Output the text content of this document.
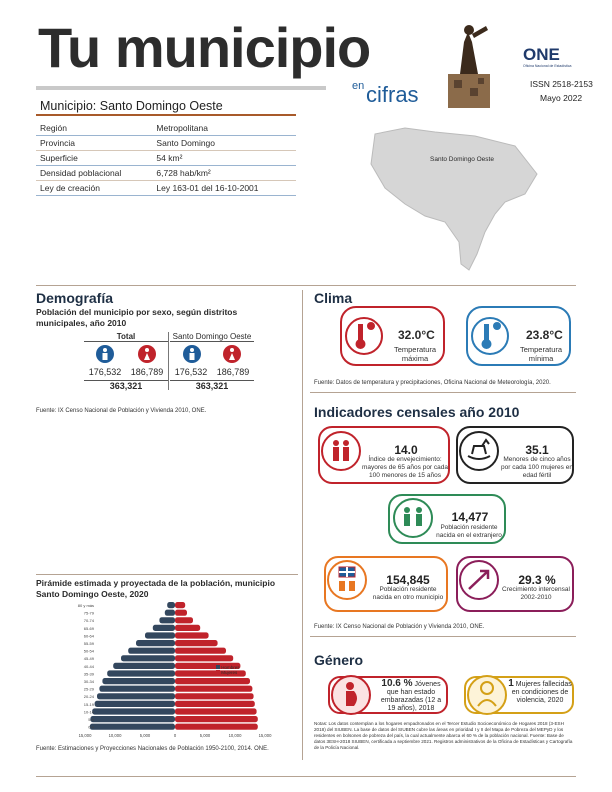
Tu municipio
en cifras
ONE
Oficina Nacional de Estadística
ISSN 2518-2153
Mayo 2022
Municipio: Santo Domingo Oeste
Región	Metropolitana
Provincia	Santo Domingo
Superficie	54 km²
Densidad poblacional	6,728 hab/km²
Ley de creación	Ley 163-01 del 16-10-2001
Santo Domingo Oeste
Demografía
Población del municipio por sexo, según distritos municipales, año 2010
Total	Santo Domingo Oeste
176,532	186,789	176,532	186,789
363,321	363,321
Fuente: IX Censo Nacional de Población y Vivienda 2010, ONE.
Pirámide estimada y proyectada de la población, municipio Santo Domingo Oeste, 2020
0-4
5-9
10-14
15-19
20-24
25-29
30-34
35-39
40-44
45-49
50-54
55-59
60-64
65-69
70-74
75-79
80 y más
15,000	10,000	5,000	0	5,000	10,000	15,000
Hombres
Mujeres
Fuente: Estimaciones y Proyecciones Nacionales de Población 1950-2100, 2014. ONE.
Clima
32.0°C
Temperatura máxima
23.8°C
Temperatura mínima
Fuente: Datos de temperatura y precipitaciones, Oficina Nacional de Meteorología, 2020.
Indicadores censales año 2010
14.0
Índice de envejecimiento: mayores de 65 años por cada 100 menores de 15 años
35.1
Menores de cinco años por cada 100 mujeres en edad fértil
14,477
Población residente nacida en el extranjero
154,845
Población residente nacida en otro municipio
29.3 %
Crecimiento intercensal 2002-2010
Fuente: IX Censo Nacional de Población y Vivienda 2010, ONE.
Género
10.6 % Jóvenes que han estado embarazadas (12 a 19 años), 2018
1 Mujeres fallecidas en condiciones de violencia, 2020
Notas: Los datos contemplan a los hogares empadronados en el Tercer Estudio Socioeconómico de Hogares 2018 (3-ESH 2018) del SIUBEN. La base de datos del SIUBEN cubre las áreas en prioridad I y II del Mapa de Pobreza del MEPyD y los residentes en bolsones de pobreza del país, la cual actualmente abarca el 60 % de la población nacional. Fuente: Base de datos 3ESH-2018 SIUBEN, certificada a septiembre 2021. Registros administrativos de la Oficina de Estadísticas y Cartografía de la Policía Nacional.
